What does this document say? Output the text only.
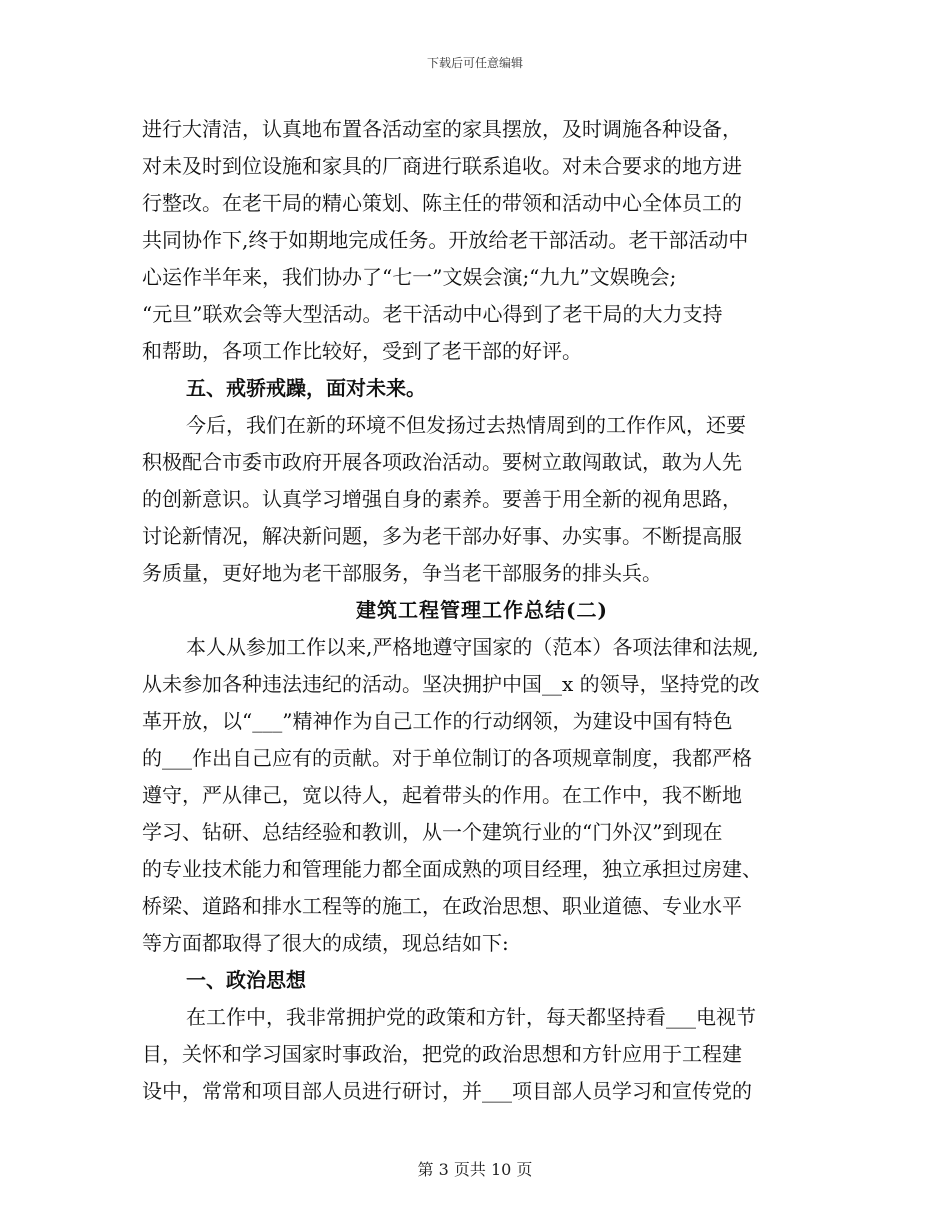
下载后可任意编辑
进行大清洁，认真地布置各活动室的家具摆放，及时调施各种设备，
对未及时到位设施和家具的厂商进行联系追收。对未合要求的地方进
行整改。在老干局的精心策划、陈主任的带领和活动中心全体员工的
共同协作下,终于如期地完成任务。开放给老干部活动。老干部活动中
心运作半年来，我们协办了“七一”文娱会演;“九九”文娱晚会;
“元旦”联欢会等大型活动。老干活动中心得到了老干局的大力支持
和帮助，各项工作比较好，受到了老干部的好评。
五、戒骄戒躁，面对未来。
今后，我们在新的环境不但发扬过去热情周到的工作作风，还要
积极配合市委市政府开展各项政治活动。要树立敢闯敢试，敢为人先
的创新意识。认真学习增强自身的素养。要善于用全新的视角思路，
讨论新情况，解决新问题，多为老干部办好事、办实事。不断提高服
务质量，更好地为老干部服务，争当老干部服务的排头兵。
建筑工程管理工作总结(二)
本人从参加工作以来,严格地遵守国家的（范本）各项法律和法规,
从未参加各种违法违纪的活动。坚决拥护中国__x 的领导，坚持党的改
革开放，以“___”精神作为自己工作的行动纲领，为建设中国有特色
的___作出自己应有的贡献。对于单位制订的各项规章制度，我都严格
遵守，严从律己，宽以待人，起着带头的作用。在工作中，我不断地
学习、钻研、总结经验和教训，从一个建筑行业的“门外汉”到现在
的专业技术能力和管理能力都全面成熟的项目经理，独立承担过房建、
桥梁、道路和排水工程等的施工，在政治思想、职业道德、专业水平
等方面都取得了很大的成绩，现总结如下:
一、政治思想
在工作中，我非常拥护党的政策和方针，每天都坚持看___电视节
目，关怀和学习国家时事政治，把党的政治思想和方针应用于工程建
设中，常常和项目部人员进行研讨，并___项目部人员学习和宣传党的
第 3 页共 10 页
